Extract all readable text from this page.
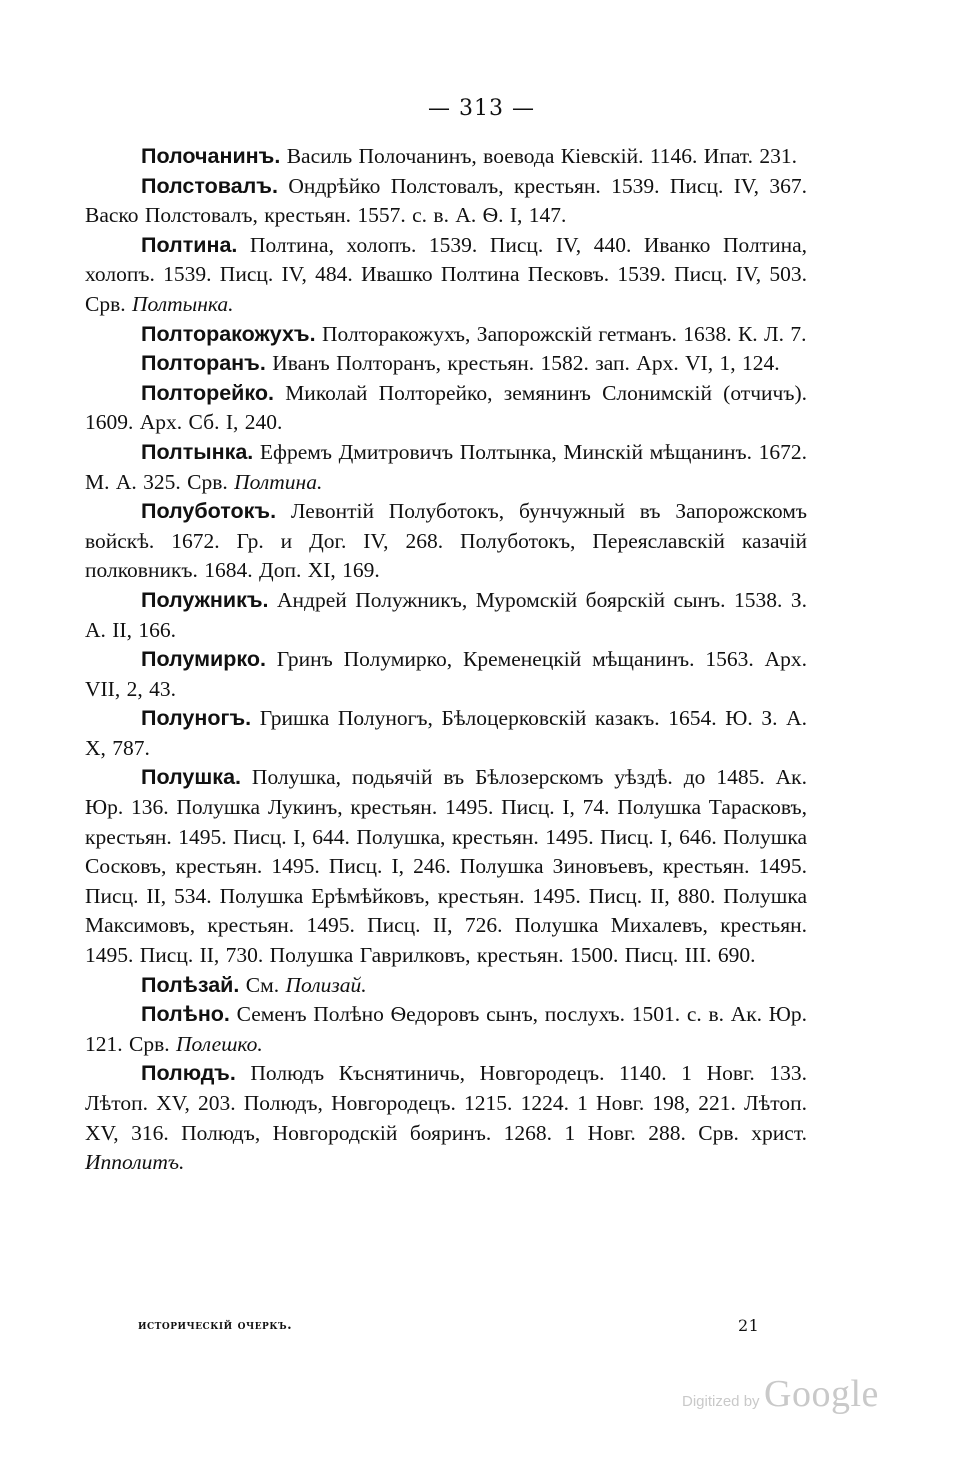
— 313 —

Полочанинъ. Василь Полочанинъ, воевода Кіевскій. 1146. Ипат. 231.

Полстовалъ. Ондрѣйко Полстовалъ, крестьян. 1539. Писц. IV, 367. Васко Полстовалъ, крестьян. 1557. с. в. А. Ѳ. I, 147.

Полтина. Полтина, холопъ. 1539. Писц. IV, 440. Иванко Полтина, холопъ. 1539. Писц. IV, 484. Ивашко Полтина Песковъ. 1539. Писц. IV, 503. Срв. Полтынка.

Полторакожухъ. Полторакожухъ, Запорожскій гетманъ. 1638. К. Л. 7.

Полторанъ. Иванъ Полторанъ, крестьян. 1582. зап. Арх. VI, 1, 124.

Полторейко. Миколай Полторейко, земянинъ Слонимскій (отчичъ). 1609. Арх. Сб. I, 240.

Полтынка. Ефремъ Дмитровичъ Полтынка, Минскій мѣщанинъ. 1672. М. А. 325. Срв. Полтина.

Полуботокъ. Левонтій Полуботокъ, бунчужный въ Запорожскомъ войскѣ. 1672. Гр. и Дог. IV, 268. Полуботокъ, Переяславскій казачій полковникъ. 1684. Доп. XI, 169.

Полужникъ. Андрей Полужникъ, Муромскій боярскій сынъ. 1538. З. А. II, 166.

Полумирко. Гринъ Полумирко, Кременецкій мѣщанинъ. 1563. Арх. VII, 2, 43.

Полуногъ. Гришка Полуногъ, Бѣлоцерковскій казакъ. 1654. Ю. З. А. X, 787.

Полушка. Полушка, подьячій въ Бѣлозерскомъ уѣздѣ. до 1485. Ак. Юр. 136. Полушка Лукинъ, крестьян. 1495. Писц. I, 74. Полушка Тарасковъ, крестьян. 1495. Писц. I, 644. Полушка, крестьян. 1495. Писц. I, 646. Полушка Сосковъ, крестьян. 1495. Писц. I, 246. Полушка Зиновъевъ, крестьян. 1495. Писц. II, 534. Полушка Ерѣмѣйковъ, крестьян. 1495. Писц. II, 880. Полушка Максимовъ, крестьян. 1495. Писц. II, 726. Полушка Михалевъ, крестьян. 1495. Писц. II, 730. Полушка Гаврилковъ, крестьян. 1500. Писц. III. 690.

Полѣзай. См. Полизай.

Полѣно. Семенъ Полѣно Ѳедоровъ сынъ, послухъ. 1501. с. в. Ак. Юр. 121. Срв. Полешко.

Полюдъ. Полюдъ Къснятиничь, Новгородецъ. 1140. 1 Новг. 133. Лѣтоп. XV, 203. Полюдъ, Новгородецъ. 1215. 1224. 1 Новг. 198, 221. Лѣтоп. XV, 316. Полюдъ, Новгородскій бояринъ. 1268. 1 Новг. 288. Срв. христ. Ипполитъ.

историческій очеркъ.	21
Digitized by Google
